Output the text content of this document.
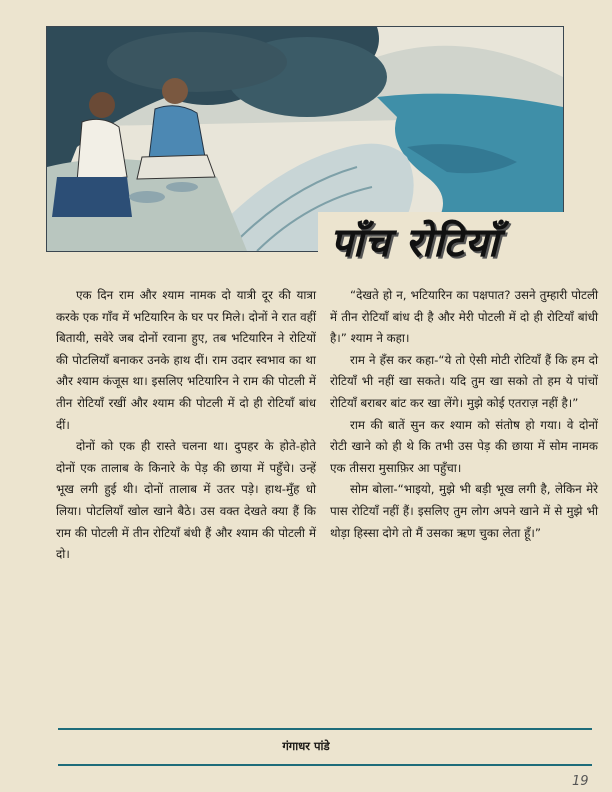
पाँच रोटियाँ

एक दिन राम और श्याम नामक दो यात्री दूर की यात्रा करके एक गाँव में भटियारिन के घर पर मिले। दोनों ने रात वहीं बितायी, सवेरे जब दोनों रवाना हुए, तब भटियारिन ने रोटियों की पोटलियाँ बनाकर उनके हाथ दीं। राम उदार स्वभाव का था और श्याम कंजूस था। इसलिए भटियारिन ने राम की पोटली में तीन रोटियाँ रखीं और श्याम की पोटली में दो ही रोटियाँ बांध दीं।

दोनों को एक ही रास्ते चलना था। दुपहर के होते-होते दोनों एक तालाब के किनारे के पेड़ की छाया में पहुँचे। उन्हें भूख लगी हुई थी। दोनों तालाब में उतर पड़े। हाथ-मुँह धो लिया। पोटलियाँ खोल खाने बैठे। उस वक्त देखते क्या हैं कि राम की पोटली में तीन रोटियाँ बंधी हैं और श्याम की पोटली में दो।

“देखते हो न, भटियारिन का पक्षपात? उसने तुम्हारी पोटली में तीन रोटियाँ बांध दी है और मेरी पोटली में दो ही रोटियाँ बांधी है।” श्याम ने कहा।

राम ने हँस कर कहा-“ये तो ऐसी मोटी रोटियाँ हैं कि हम दो रोटियाँ भी नहीं खा सकते। यदि तुम खा सको तो हम ये पांचों रोटियाँ बराबर बांट कर खा लेंगे। मुझे कोई एतराज़ नहीं है।”

राम की बातें सुन कर श्याम को संतोष हो गया। वे दोनों रोटी खाने को ही थे कि तभी उस पेड़ की छाया में सोम नामक एक तीसरा मुसाफ़िर आ पहुँचा।

सोम बोला-“भाइयो, मुझे भी बड़ी भूख लगी है, लेकिन मेरे पास रोटियाँ नहीं हैं। इसलिए तुम लोग अपने खाने में से मुझे भी थोड़ा हिस्सा दोगे तो मैं उसका ऋण चुका लेता हूँ।”

गंगाधर पांडे
19
